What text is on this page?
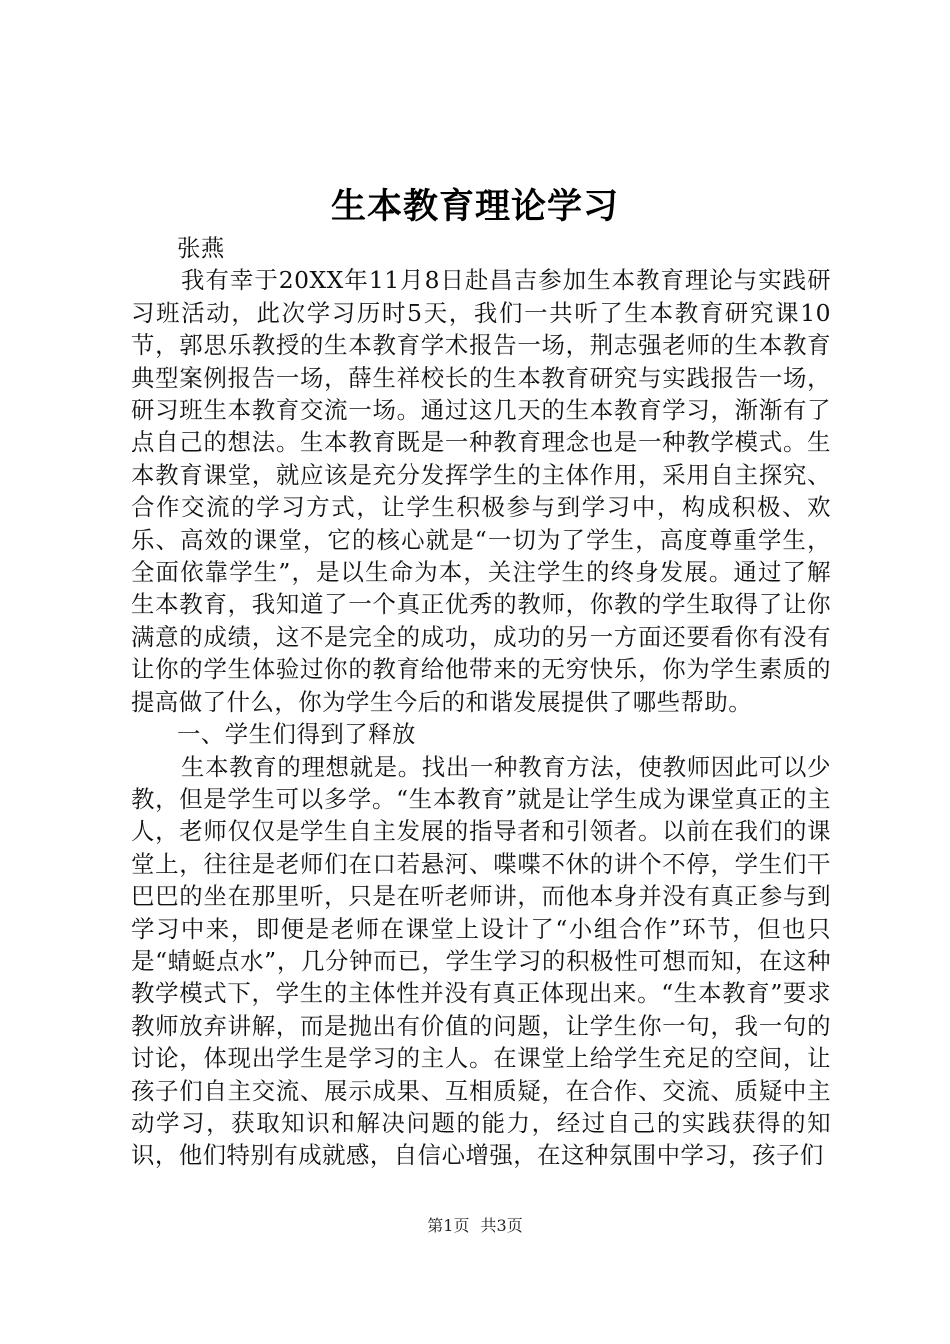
生本教育理论学习

张燕

我有幸于20XX年11月8日赴昌吉参加生本教育理论与实践研习班活动，此次学习历时5天，我们一共听了生本教育研究课10节，郭思乐教授的生本教育学术报告一场，荆志强老师的生本教育典型案例报告一场，薛生祥校长的生本教育研究与实践报告一场，研习班生本教育交流一场。通过这几天的生本教育学习，渐渐有了点自己的想法。生本教育既是一种教育理念也是一种教学模式。生本教育课堂，就应该是充分发挥学生的主体作用，采用自主探究、合作交流的学习方式，让学生积极参与到学习中，构成积极、欢乐、高效的课堂，它的核心就是“一切为了学生，高度尊重学生，全面依靠学生”，是以生命为本，关注学生的终身发展。通过了解生本教育，我知道了一个真正优秀的教师，你教的学生取得了让你满意的成绩，这不是完全的成功，成功的另一方面还要看你有没有让你的学生体验过你的教育给他带来的无穷快乐，你为学生素质的提高做了什么，你为学生今后的和谐发展提供了哪些帮助。

一、学生们得到了释放

生本教育的理想就是。找出一种教育方法，使教师因此可以少教，但是学生可以多学。“生本教育”就是让学生成为课堂真正的主人，老师仅仅是学生自主发展的指导者和引领者。以前在我们的课堂上，往往是老师们在口若悬河、喋喋不休的讲个不停，学生们干巴巴的坐在那里听，只是在听老师讲，而他本身并没有真正参与到学习中来，即便是老师在课堂上设计了“小组合作”环节，但也只是“蜻蜓点水”，几分钟而已，学生学习的积极性可想而知，在这种教学模式下，学生的主体性并没有真正体现出来。“生本教育”要求教师放弃讲解，而是抛出有价值的问题，让学生你一句，我一句的讨论，体现出学生是学习的主人。在课堂上给学生充足的空间，让孩子们自主交流、展示成果、互相质疑，在合作、交流、质疑中主动学习，获取知识和解决问题的能力，经过自己的实践获得的知识，他们特别有成就感，自信心增强，在这种氛围中学习，孩子们

第1页 共3页
